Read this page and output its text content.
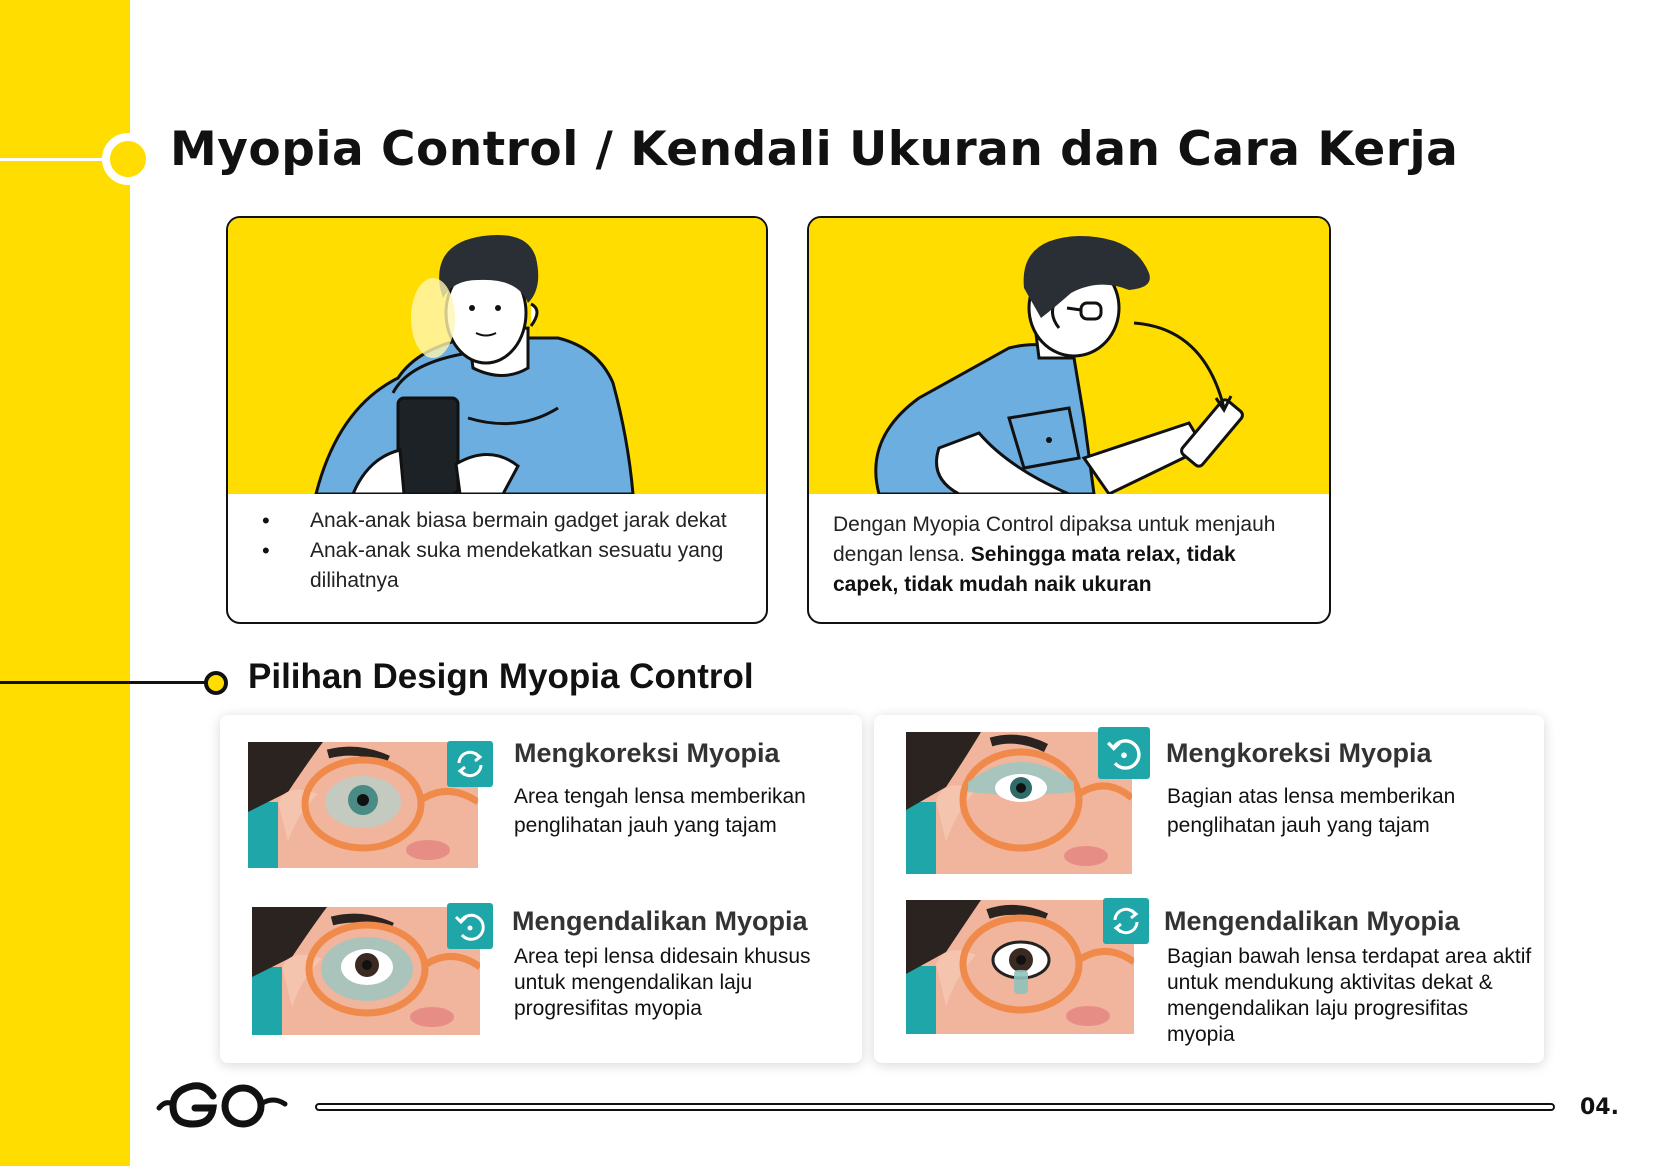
Myopia Control / Kendali Ukuran dan Cara Kerja
• Anak-anak biasa bermain gadget jarak dekat
• Anak-anak suka mendekatkan sesuatu yang dilihatnya
Dengan Myopia Control dipaksa untuk menjauh dengan lensa. Sehingga mata relax, tidak capek, tidak mudah naik ukuran
Pilihan Design Myopia Control
Mengkoreksi Myopia
Area tengah lensa memberikan penglihatan jauh yang tajam
Mengendalikan Myopia
Area tepi lensa didesain khusus untuk mengendalikan laju progresifitas myopia
Mengkoreksi Myopia
Bagian atas lensa memberikan penglihatan jauh yang tajam
Mengendalikan Myopia
Bagian bawah lensa terdapat area aktif untuk mendukung aktivitas dekat & mengendalikan laju progresifitas myopia
04.
